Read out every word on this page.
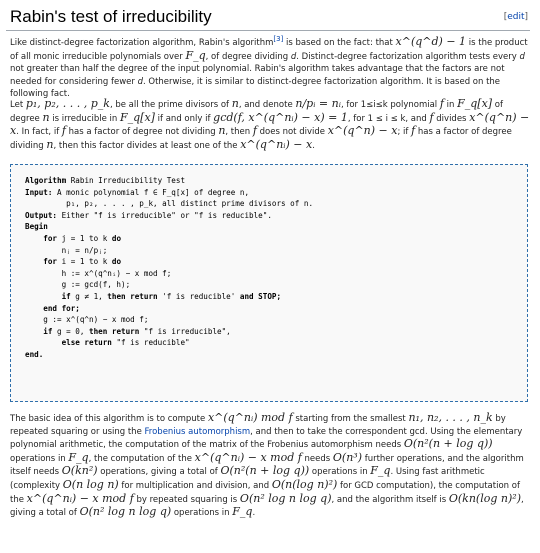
Rabin's test of irreducibility	[edit]

Like distinct-degree factorization algorithm, Rabin's algorithm[3] is based on the fact: that x^(q^d) − 1 is the product of all monic irreducible polynomials over F_q, of degree dividing d. Distinct-degree factorization algorithm tests every d not greater than half the degree of the input polynomial. Rabin's algorithm takes advantage that the factors are not needed for considering fewer d. Otherwise, it is similar to distinct-degree factorization algorithm. It is based on the following fact.

Let p₁, p₂, . . . , p_k, be all the prime divisors of n, and denote n/pᵢ = nᵢ, for 1≤i≤k polynomial f in F_q[x] of degree n is irreducible in F_q[x] if and only if gcd(f, x^(q^nᵢ) − x) = 1, for 1 ≤ i ≤ k, and f divides x^(q^n) − x. In fact, if f has a factor of degree not dividing n, then f does not divide x^(q^n) − x; if f has a factor of degree dividing n, then this factor divides at least one of the x^(q^nᵢ) − x.

Algorithm Rabin Irreducibility Test
Input: A monic polynomial f ∈ F_q[x] of degree n,
p₁, p₂, . . . , p_k, all distinct prime divisors of n.
Output: Either "f is irreducible" or "f is reducible".
Begin
for j = 1 to k do
nⱼ = n/pⱼ;
for i = 1 to k do
h := x^(q^nᵢ) − x mod f;
g := gcd(f, h);
if g ≠ 1, then return 'f is reducible' and STOP;
end for;
g := x^(q^n) − x mod f;
if g = 0, then return "f is irreducible",
else return "f is reducible"
end.

The basic idea of this algorithm is to compute x^(q^nᵢ) mod f starting from the smallest n₁, n₂, . . . , n_k by repeated squaring or using the Frobenius automorphism, and then to take the correspondent gcd. Using the elementary polynomial arithmetic, the computation of the matrix of the Frobenius automorphism needs O(n²(n + log q)) operations in F_q, the computation of the x^(q^nᵢ) − x mod f needs O(n³) further operations, and the algorithm itself needs O(kn²) operations, giving a total of O(n²(n + log q)) operations in F_q. Using fast arithmetic (complexity O(n log n) for multiplication and division, and O(n(log n)²) for GCD computation), the computation of the x^(q^nᵢ) − x mod f by repeated squaring is O(n² log n log q), and the algorithm itself is O(kn(log n)²), giving a total of O(n² log n log q) operations in F_q.
